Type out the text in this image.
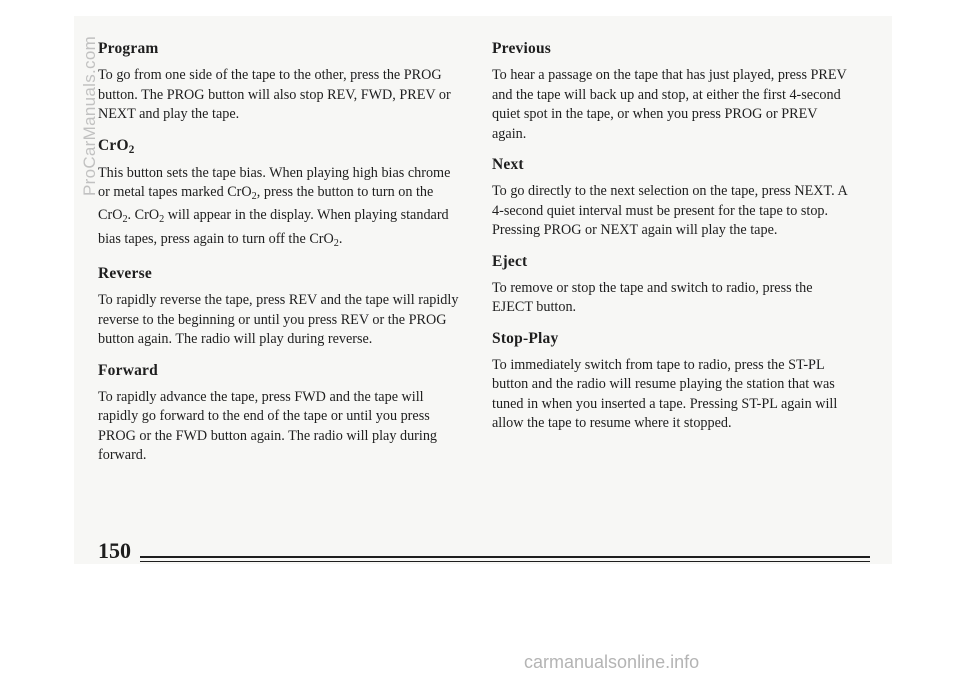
Program

To go from one side of the tape to the other, press the PROG button. The PROG button will also stop REV, FWD, PREV or NEXT and play the tape.

CrO$_2$

This button sets the tape bias. When playing high bias chrome or metal tapes marked CrO$_2$, press the button to turn on the CrO$_2$. CrO$_2$ will appear in the display. When playing standard bias tapes, press again to turn off the CrO$_2$.

Reverse

To rapidly reverse the tape, press REV and the tape will rapidly reverse to the beginning or until you press REV or the PROG button again. The radio will play during reverse.

Forward

To rapidly advance the tape, press FWD and the tape will rapidly go forward to the end of the tape or until you press PROG or the FWD button again. The radio will play during forward.

Previous

To hear a passage on the tape that has just played, press PREV and the tape will back up and stop, at either the first 4-second quiet spot in the tape, or when you press PROG or PREV again.

Next

To go directly to the next selection on the tape, press NEXT. A 4-second quiet interval must be present for the tape to stop. Pressing PROG or NEXT again will play the tape.

Eject

To remove or stop the tape and switch to radio, press the EJECT button.

Stop-Play

To immediately switch from tape to radio, press the ST-PL button and the radio will resume playing the station that was tuned in when you inserted a tape. Pressing ST-PL again will allow the tape to resume where it stopped.

150
ProCarManuals.com
carmanualsonline.info
